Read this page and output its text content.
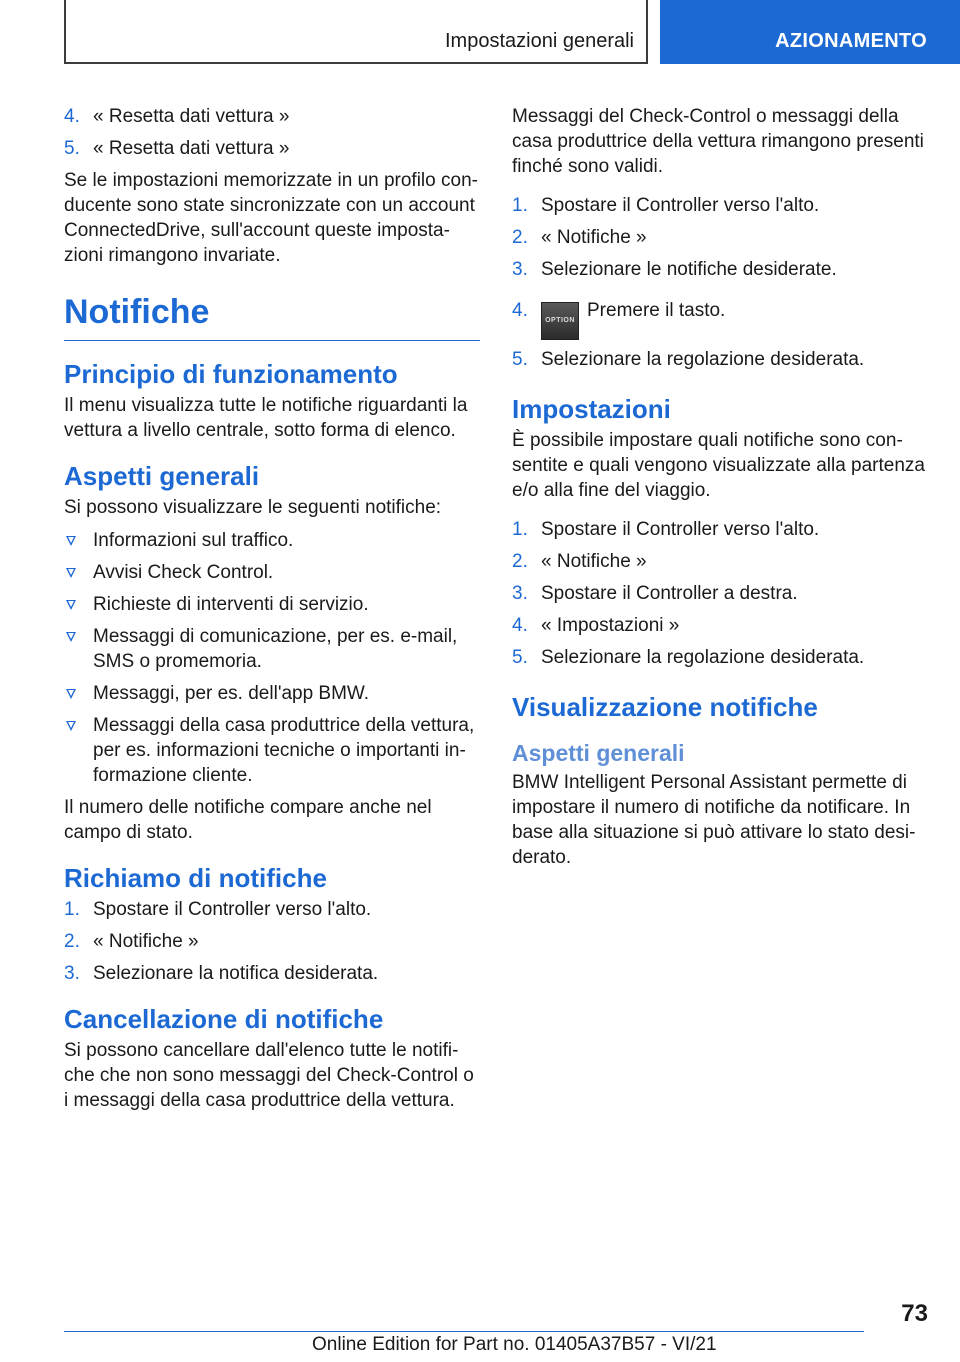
Impostazioni generali	AZIONAMENTO
4. « Resetta dati vettura »
5. « Resetta dati vettura »

Se le impostazioni memorizzate in un profilo conducente sono state sincronizzate con un account ConnectedDrive, sull'account queste impostazioni rimangono invariate.

Notifiche
Principio di funzionamento

Il menu visualizza tutte le notifiche riguardanti la vettura a livello centrale, sotto forma di elenco.

Aspetti generali

Si possono visualizzare le seguenti notifiche:

Informazioni sul traffico.
Avvisi Check Control.
Richieste di interventi di servizio.
Messaggi di comunicazione, per es. e-mail, SMS o promemoria.
Messaggi, per es. dell'app BMW.
Messaggi della casa produttrice della vettura, per es. informazioni tecniche o importanti informazione cliente.

Il numero delle notifiche compare anche nel campo di stato.

Richiamo di notifiche
1. Spostare il Controller verso l'alto.
2. « Notifiche »
3. Selezionare la notifica desiderata.
Cancellazione di notifiche

Si possono cancellare dall'elenco tutte le notifiche che non sono messaggi del Check-Control o i messaggi della casa produttrice della vettura.

Messaggi del Check-Control o messaggi della casa produttrice della vettura rimangono presenti finché sono validi.

1. Spostare il Controller verso l'alto.
2. « Notifiche »
3. Selezionare le notifiche desiderate.
4. OPTION Premere il tasto.
5. Selezionare la regolazione desiderata.
Impostazioni

È possibile impostare quali notifiche sono consentite e quali vengono visualizzate alla partenza e/o alla fine del viaggio.

1. Spostare il Controller verso l'alto.
2. « Notifiche »
3. Spostare il Controller a destra.
4. « Impostazioni »
5. Selezionare la regolazione desiderata.
Visualizzazione notifiche
Aspetti generali

BMW Intelligent Personal Assistant permette di impostare il numero di notifiche da notificare. In base alla situazione si può attivare lo stato desiderato.

73
Online Edition for Part no. 01405A37B57 - VI/21
